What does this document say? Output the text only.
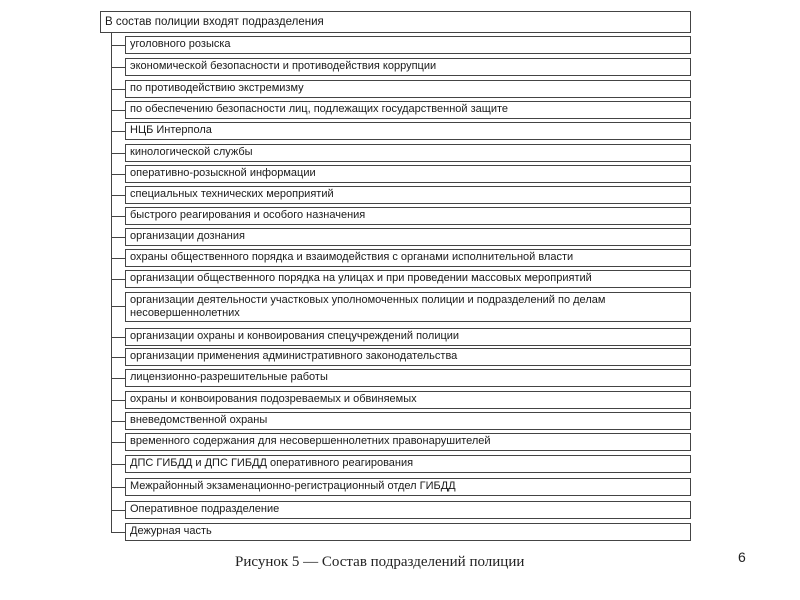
В состав полиции входят подразделения
уголовного розыска
экономической безопасности и противодействия коррупции
по противодействию экстремизму
по обеспечению безопасности лиц, подлежащих государственной защите
НЦБ Интерпола
кинологической службы
оперативно-розыскной информации
специальных технических мероприятий
быстрого реагирования и особого назначения
организации дознания
охраны общественного порядка и взаимодействия с органами исполнительной власти
организации общественного порядка на улицах и при проведении массовых мероприятий
организации деятельности участковых уполномоченных полиции и подразделений по делам несовершеннолетних
организации охраны и конвоирования спецучреждений полиции
организации применения административного законодательства
лицензионно-разрешительные работы
охраны и конвоирования подозреваемых и обвиняемых
вневедомственной охраны
временного содержания для несовершеннолетних правонарушителей
ДПС ГИБДД и ДПС ГИБДД оперативного реагирования
Межрайонный экзаменационно-регистрационный отдел ГИБДД
Оперативное подразделение
Дежурная часть
Рисунок 5 — Состав подразделений полиции	6
